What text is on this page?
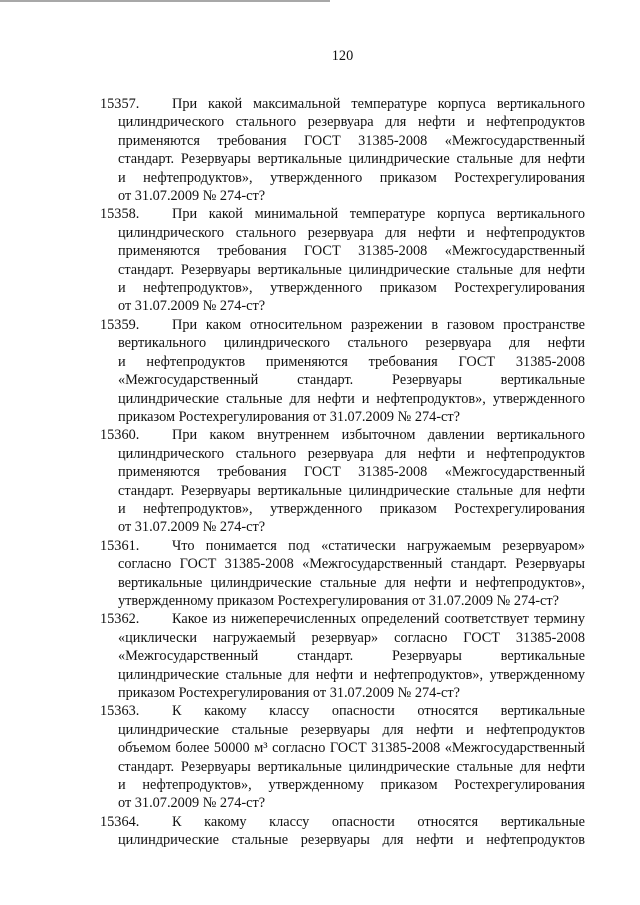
120
15357. При какой максимальной температуре корпуса вертикального
цилиндрического стального резервуара для нефти и нефтепродуктов
применяются требования ГОСТ 31385-2008 «Межгосударственный
стандарт. Резервуары вертикальные цилиндрические стальные для нефти
и нефтепродуктов», утвержденного приказом Ростехрегулирования
от 31.07.2009 № 274-ст?
15358. При какой минимальной температуре корпуса вертикального
цилиндрического стального резервуара для нефти и нефтепродуктов
применяются требования ГОСТ 31385-2008 «Межгосударственный
стандарт. Резервуары вертикальные цилиндрические стальные для нефти
и нефтепродуктов», утвержденного приказом Ростехрегулирования
от 31.07.2009 № 274-ст?
15359. При каком относительном разрежении в газовом пространстве
вертикального цилиндрического стального резервуара для нефти
и нефтепродуктов применяются требования ГОСТ 31385-2008
«Межгосударственный стандарт. Резервуары вертикальные
цилиндрические стальные для нефти и нефтепродуктов», утвержденного
приказом Ростехрегулирования от 31.07.2009 № 274-ст?
15360. При каком внутреннем избыточном давлении вертикального
цилиндрического стального резервуара для нефти и нефтепродуктов
применяются требования ГОСТ 31385-2008 «Межгосударственный
стандарт. Резервуары вертикальные цилиндрические стальные для нефти
и нефтепродуктов», утвержденного приказом Ростехрегулирования
от 31.07.2009 № 274-ст?
15361. Что понимается под «статически нагружаемым резервуаром»
согласно ГОСТ 31385-2008 «Межгосударственный стандарт. Резервуары
вертикальные цилиндрические стальные для нефти и нефтепродуктов»,
утвержденному приказом Ростехрегулирования от 31.07.2009 № 274-ст?
15362. Какое из нижеперечисленных определений соответствует термину
«циклически нагружаемый резервуар» согласно ГОСТ 31385-2008
«Межгосударственный стандарт. Резервуары вертикальные
цилиндрические стальные для нефти и нефтепродуктов», утвержденному
приказом Ростехрегулирования от 31.07.2009 № 274-ст?
15363. К какому классу опасности относятся вертикальные
цилиндрические стальные резервуары для нефти и нефтепродуктов
объемом более 50000 м³ согласно ГОСТ 31385-2008 «Межгосударственный
стандарт. Резервуары вертикальные цилиндрические стальные для нефти
и нефтепродуктов», утвержденному приказом Ростехрегулирования
от 31.07.2009 № 274-ст?
15364. К какому классу опасности относятся вертикальные
цилиндрические стальные резервуары для нефти и нефтепродуктов
